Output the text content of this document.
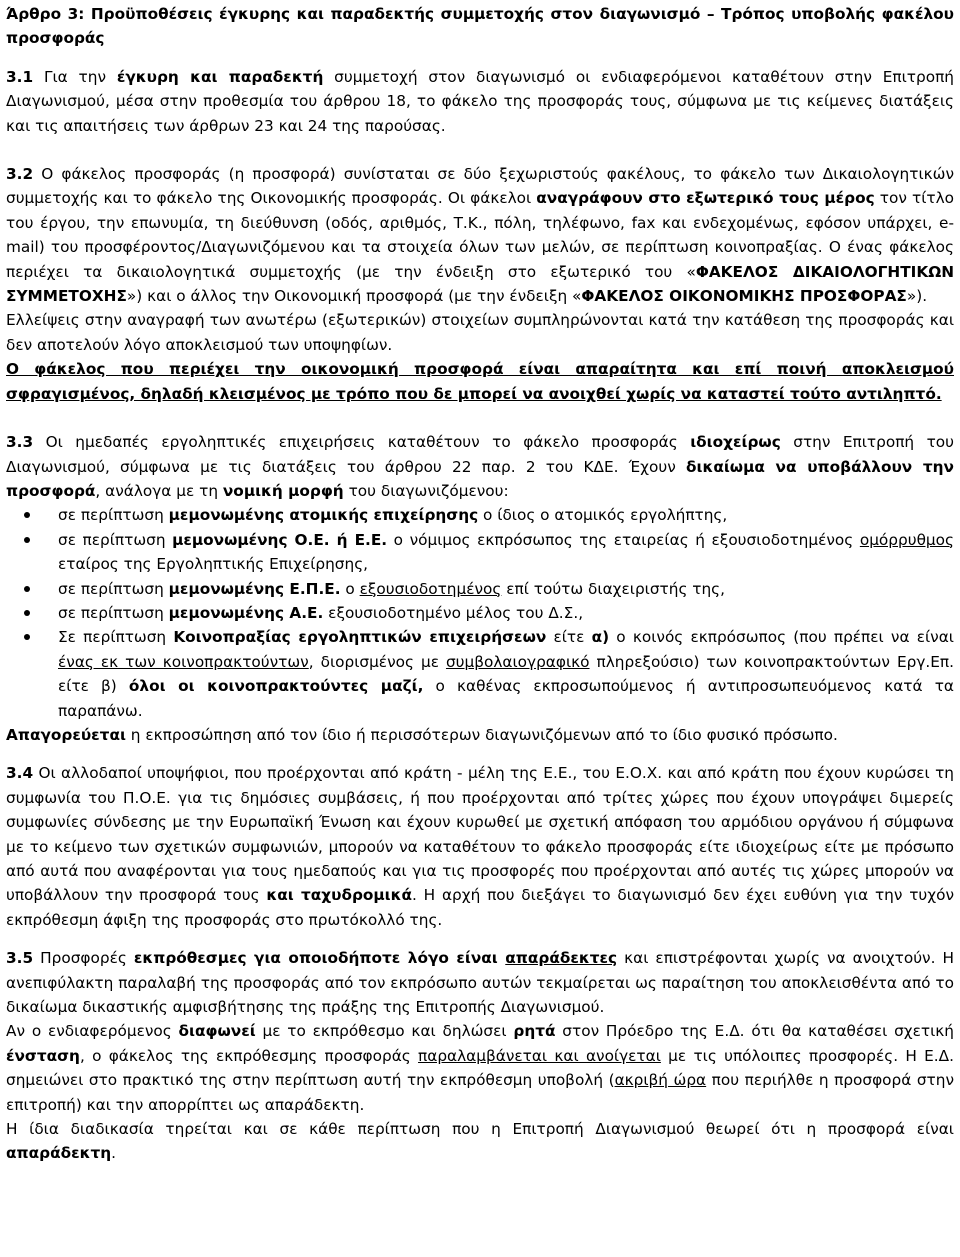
Άρθρο 3: Προϋποθέσεις έγκυρης και παραδεκτής συμμετοχής στον διαγωνισμό – Τρόπος υποβολής φακέλου προσφοράς

3.1 Για την έγκυρη και παραδεκτή συμμετοχή στον διαγωνισμό οι ενδιαφερόμενοι καταθέτουν στην Επιτροπή Διαγωνισμού, μέσα στην προθεσμία του άρθρου 18, το φάκελο της προσφοράς τους, σύμφωνα με τις κείμενες διατάξεις και τις απαιτήσεις των άρθρων 23 και 24 της παρούσας.

3.2 Ο φάκελος προσφοράς (η προσφορά) συνίσταται σε δύο ξεχωριστούς φακέλους, το φάκελο των Δικαιολογητικών συμμετοχής και το φάκελο της Οικονομικής προσφοράς. Οι φάκελοι αναγράφουν στο εξωτερικό τους μέρος τον τίτλο του έργου, την επωνυμία, τη διεύθυνση (οδός, αριθμός, Τ.Κ., πόλη, τηλέφωνο, fax και ενδεχομένως, εφόσον υπάρχει, e-mail) του προσφέροντος/Διαγωνιζόμενου και τα στοιχεία όλων των μελών, σε περίπτωση κοινοπραξίας. Ο ένας φάκελος περιέχει τα δικαιολογητικά συμμετοχής (με την ένδειξη στο εξωτερικό του «ΦΑΚΕΛΟΣ ΔΙΚΑΙΟΛΟΓΗΤΙΚΩΝ ΣΥΜΜΕΤΟΧΗΣ») και ο άλλος την Οικονομική προσφορά (με την ένδειξη «ΦΑΚΕΛΟΣ ΟΙΚΟΝΟΜΙΚΗΣ ΠΡΟΣΦΟΡΑΣ»).

Ελλείψεις στην αναγραφή των ανωτέρω (εξωτερικών) στοιχείων συμπληρώνονται κατά την κατάθεση της προσφοράς και δεν αποτελούν λόγο αποκλεισμού των υποψηφίων.

Ο φάκελος που περιέχει την οικονομική προσφορά είναι απαραίτητα και επί ποινή αποκλεισμού σφραγισμένος, δηλαδή κλεισμένος με τρόπο που δε μπορεί να ανοιχθεί χωρίς να καταστεί τούτο αντιληπτό.

3.3 Οι ημεδαπές εργοληπτικές επιχειρήσεις καταθέτουν το φάκελο προσφοράς ιδιοχείρως στην Επιτροπή του Διαγωνισμού, σύμφωνα με τις διατάξεις του άρθρου 22 παρ. 2 του ΚΔΕ. Έχουν δικαίωμα να υποβάλλουν την προσφορά, ανάλογα με τη νομική μορφή του διαγωνιζόμενου:

σε περίπτωση μεμονωμένης ατομικής επιχείρησης ο ίδιος ο ατομικός εργολήπτης,
σε περίπτωση μεμονωμένης Ο.Ε. ή Ε.Ε. ο νόμιμος εκπρόσωπος της εταιρείας ή εξουσιοδοτημένος ομόρρυθμος εταίρος της Εργοληπτικής Επιχείρησης,
σε περίπτωση μεμονωμένης Ε.Π.Ε. ο εξουσιοδοτημένος επί τούτω διαχειριστής της,
σε περίπτωση μεμονωμένης Α.Ε. εξουσιοδοτημένο μέλος του Δ.Σ.,
Σε περίπτωση Κοινοπραξίας εργοληπτικών επιχειρήσεων είτε α) ο κοινός εκπρόσωπος (που πρέπει να είναι ένας εκ των κοινοπρακτούντων, διορισμένος με συμβολαιογραφικό πληρεξούσιο) των κοινοπρακτούντων Εργ.Επ. είτε β) όλοι οι κοινοπρακτούντες μαζί, ο καθένας εκπροσωπούμενος ή αντιπροσωπευόμενος κατά τα παραπάνω.

Απαγορεύεται η εκπροσώπηση από τον ίδιο ή περισσότερων διαγωνιζόμενων από το ίδιο φυσικό πρόσωπο.

3.4 Οι αλλοδαποί υποψήφιοι, που προέρχονται από κράτη - μέλη της Ε.Ε., του Ε.Ο.Χ. και από κράτη που έχουν κυρώσει τη συμφωνία του Π.Ο.Ε. για τις δημόσιες συμβάσεις, ή που προέρχονται από τρίτες χώρες που έχουν υπογράψει διμερείς συμφωνίες σύνδεσης με την Ευρωπαϊκή Ένωση και έχουν κυρωθεί με σχετική απόφαση του αρμόδιου οργάνου ή σύμφωνα με το κείμενο των σχετικών συμφωνιών, μπορούν να καταθέτουν το φάκελο προσφοράς είτε ιδιοχείρως είτε με πρόσωπο από αυτά που αναφέρονται για τους ημεδαπούς και για τις προσφορές που προέρχονται από αυτές τις χώρες μπορούν να υποβάλλουν την προσφορά τους και ταχυδρομικά. Η αρχή που διεξάγει το διαγωνισμό δεν έχει ευθύνη για την τυχόν εκπρόθεσμη άφιξη της προσφοράς στο πρωτόκολλό της.

3.5 Προσφορές εκπρόθεσμες για οποιοδήποτε λόγο είναι απαράδεκτες και επιστρέφονται χωρίς να ανοιχτούν. Η ανεπιφύλακτη παραλαβή της προσφοράς από τον εκπρόσωπο αυτών τεκμαίρεται ως παραίτηση του αποκλεισθέντα από το δικαίωμα δικαστικής αμφισβήτησης της πράξης της Επιτροπής Διαγωνισμού.

Αν ο ενδιαφερόμενος διαφωνεί με το εκπρόθεσμο και δηλώσει ρητά στον Πρόεδρο της Ε.Δ. ότι θα καταθέσει σχετική ένσταση, ο φάκελος της εκπρόθεσμης προσφοράς παραλαμβάνεται και ανοίγεται με τις υπόλοιπες προσφορές. Η Ε.Δ. σημειώνει στο πρακτικό της στην περίπτωση αυτή την εκπρόθεσμη υποβολή (ακριβή ώρα που περιήλθε η προσφορά στην επιτροπή) και την απορρίπτει ως απαράδεκτη.

Η ίδια διαδικασία τηρείται και σε κάθε περίπτωση που η Επιτροπή Διαγωνισμού θεωρεί ότι η προσφορά είναι απαράδεκτη.
